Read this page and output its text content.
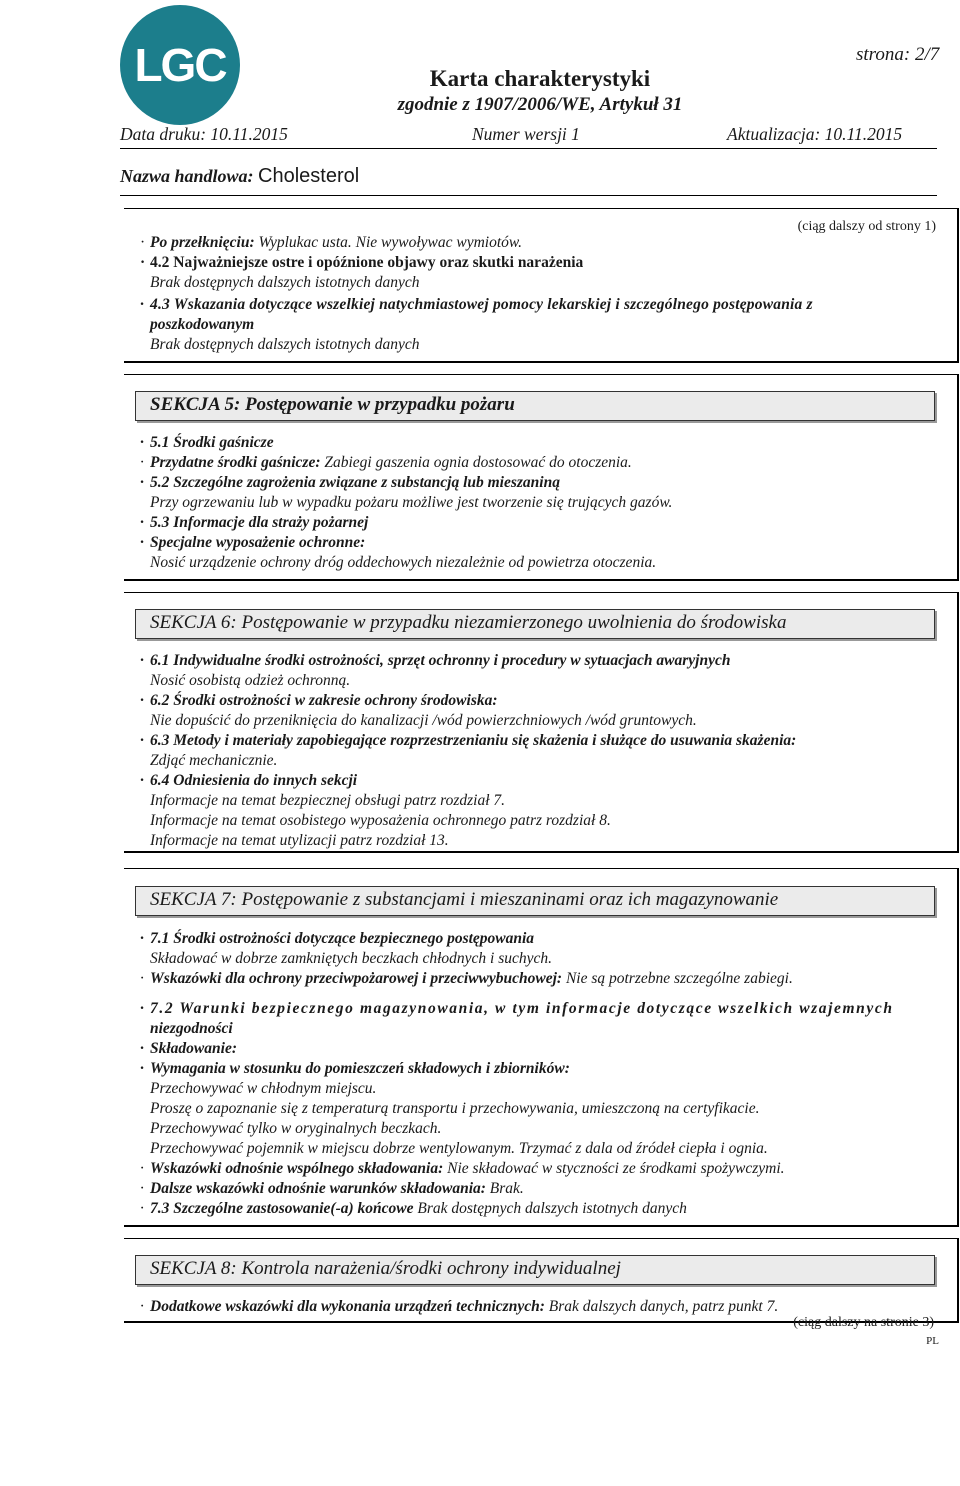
LGC	strona: 2/7
Karta charakterystyki
zgodnie z 1907/2006/WE, Artykuł 31
Data druku: 10.11.2015	Numer wersji 1	Aktualizacja: 10.11.2015
Nazwa handlowa: Cholesterol
(ciąg dalszy od strony 1)
· Po przełknięciu: Wyplukac usta. Nie wywoływac wymiotów.
· 4.2 Najważniejsze ostre i opóźnione objawy oraz skutki narażenia
Brak dostępnych dalszych istotnych danych
· 4.3 Wskazania dotyczące wszelkiej natychmiastowej pomocy lekarskiej i szczególnego postępowania z
poszkodowanym
Brak dostępnych dalszych istotnych danych
SEKCJA 5: Postępowanie w przypadku pożaru
· 5.1 Środki gaśnicze
· Przydatne środki gaśnicze: Zabiegi gaszenia ognia dostosować do otoczenia.
· 5.2 Szczególne zagrożenia związane z substancją lub mieszaniną
Przy ogrzewaniu lub w wypadku pożaru możliwe jest tworzenie się trujących gazów.
· 5.3 Informacje dla straży pożarnej
· Specjalne wyposażenie ochronne:
Nosić urządzenie ochrony dróg oddechowych niezależnie od powietrza otoczenia.
SEKCJA 6: Postępowanie w przypadku niezamierzonego uwolnienia do środowiska
· 6.1 Indywidualne środki ostrożności, sprzęt ochronny i procedury w sytuacjach awaryjnych
Nosić osobistą odzież ochronną.
· 6.2 Środki ostrożności w zakresie ochrony środowiska:
Nie dopuścić do przeniknięcia do kanalizacji /wód powierzchniowych /wód gruntowych.
· 6.3 Metody i materiały zapobiegające rozprzestrzenianiu się skażenia i służące do usuwania skażenia:
Zdjąć mechanicznie.
· 6.4 Odniesienia do innych sekcji
Informacje na temat bezpiecznej obsługi patrz rozdział 7.
Informacje na temat osobistego wyposażenia ochronnego patrz rozdział 8.
Informacje na temat utylizacji patrz rozdział 13.
SEKCJA 7: Postępowanie z substancjami i mieszaninami oraz ich magazynowanie
· 7.1 Środki ostrożności dotyczące bezpiecznego postępowania
Składować w dobrze zamkniętych beczkach chłodnych i suchych.
· Wskazówki dla ochrony przeciwpożarowej i przeciwwybuchowej: Nie są potrzebne szczególne zabiegi.
· 7.2 Warunki bezpiecznego magazynowania, w tym informacje dotyczące wszelkich wzajemnych
niezgodności
· Składowanie:
· Wymagania w stosunku do pomieszczeń składowych i zbiorników:
Przechowywać w chłodnym miejscu.
Proszę o zapoznanie się z temperaturą transportu i przechowywania, umieszczoną na certyfikacie.
Przechowywać tylko w oryginalnych beczkach.
Przechowywać pojemnik w miejscu dobrze wentylowanym. Trzymać z dala od źródeł ciepła i ognia.
· Wskazówki odnośnie wspólnego składowania: Nie składować w styczności ze środkami spożywczymi.
· Dalsze wskazówki odnośnie warunków składowania: Brak.
· 7.3 Szczególne zastosowanie(-a) końcowe Brak dostępnych dalszych istotnych danych
SEKCJA 8: Kontrola narażenia/środki ochrony indywidualnej
· Dodatkowe wskazówki dla wykonania urządzeń technicznych: Brak dalszych danych, patrz punkt 7.
(ciąg dalszy na stronie 3)
PL
